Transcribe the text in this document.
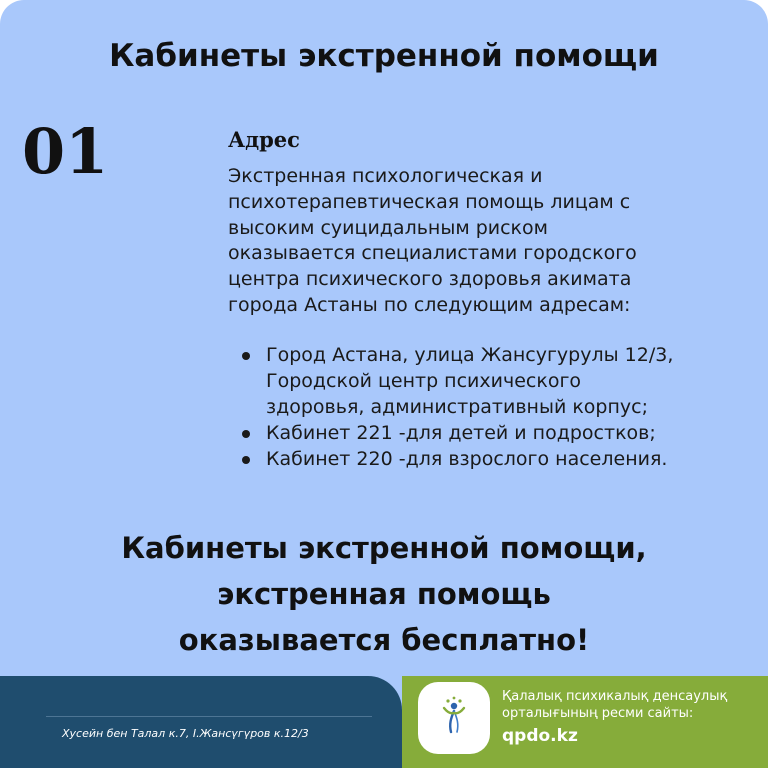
Кабинеты экстренной помощи
01	Адрес
Экстренная психологическая и
психотерапевтическая помощь лицам с
высоким суицидальным риском
оказывается специалистами городского
центра психического здоровья акимата
города Астаны по следующим адресам:
Город Астана, улица Жансугурулы 12/3,
Городской центр психического
здоровья, административный корпус;
Кабинет 221 -для детей и подростков;
Кабинет 220 -для взрослого населения.
Кабинеты экстренной помощи,
экстренная помощь
оказывается бесплатно!
Хусейн бен Талал к.7, І.Жансүгүров к.12/3
Қалалық психикалық денсаулық
орталығының ресми сайты:
qpdo.kz
